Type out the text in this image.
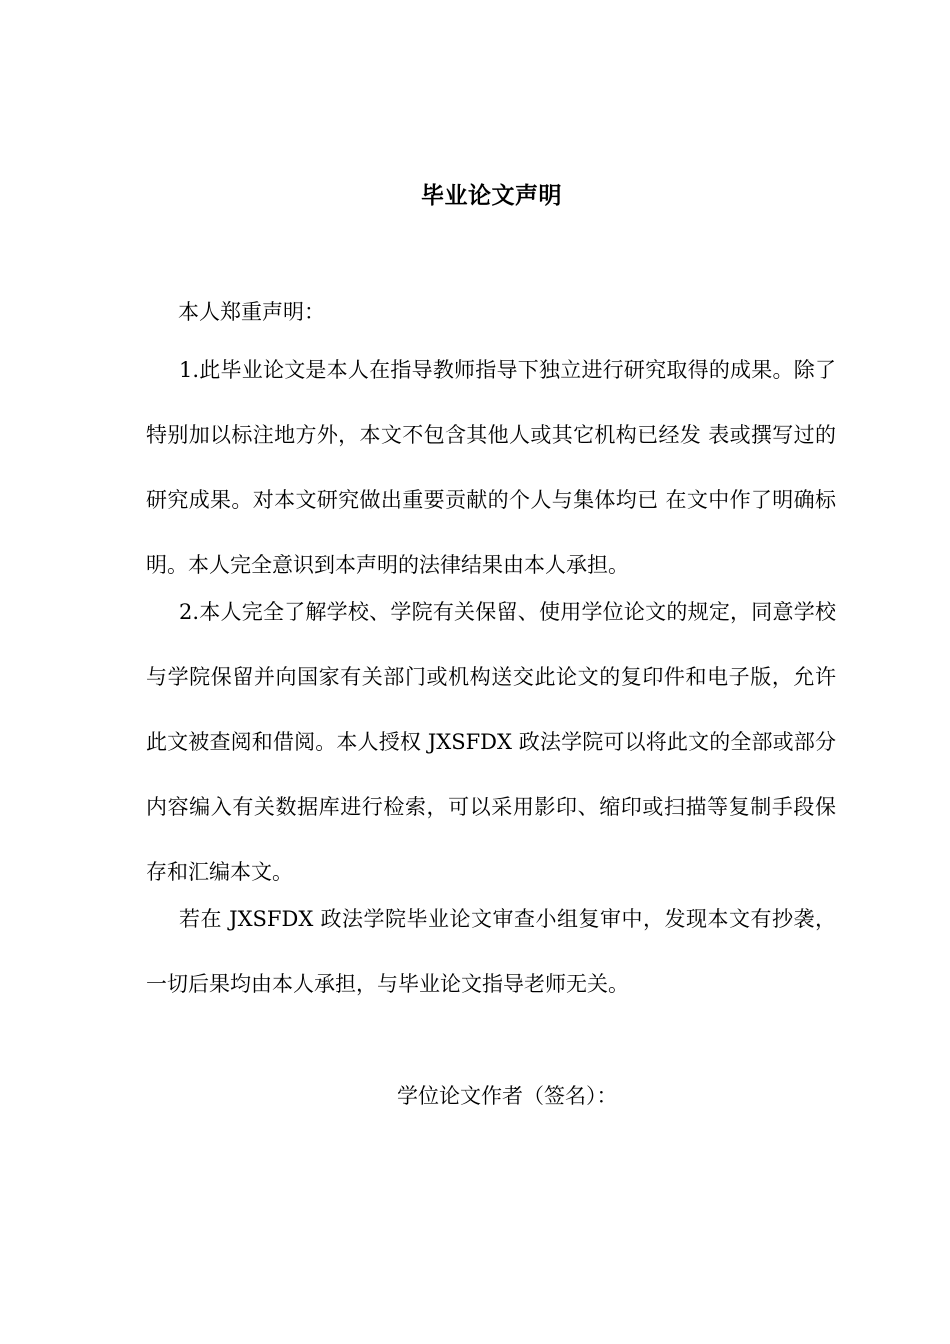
毕业论文声明
本人郑重声明：

1.此毕业论文是本人在指导教师指导下独立进行研究取得的成果。除了特别加以标注地方外，本文不包含其他人或其它机构已经发 表或撰写过的研究成果。对本文研究做出重要贡献的个人与集体均已 在文中作了明确标明。本人完全意识到本声明的法律结果由本人承担。

2.本人完全了解学校、学院有关保留、使用学位论文的规定，同意学校与学院保留并向国家有关部门或机构送交此论文的复印件和电子版，允许此文被查阅和借阅。本人授权 JXSFDX 政法学院可以将此文的全部或部分内容编入有关数据库进行检索，可以采用影印、缩印或扫描等复制手段保存和汇编本文。

若在 JXSFDX 政法学院毕业论文审查小组复审中，发现本文有抄袭，一切后果均由本人承担，与毕业论文指导老师无关。

学位论文作者（签名）：
